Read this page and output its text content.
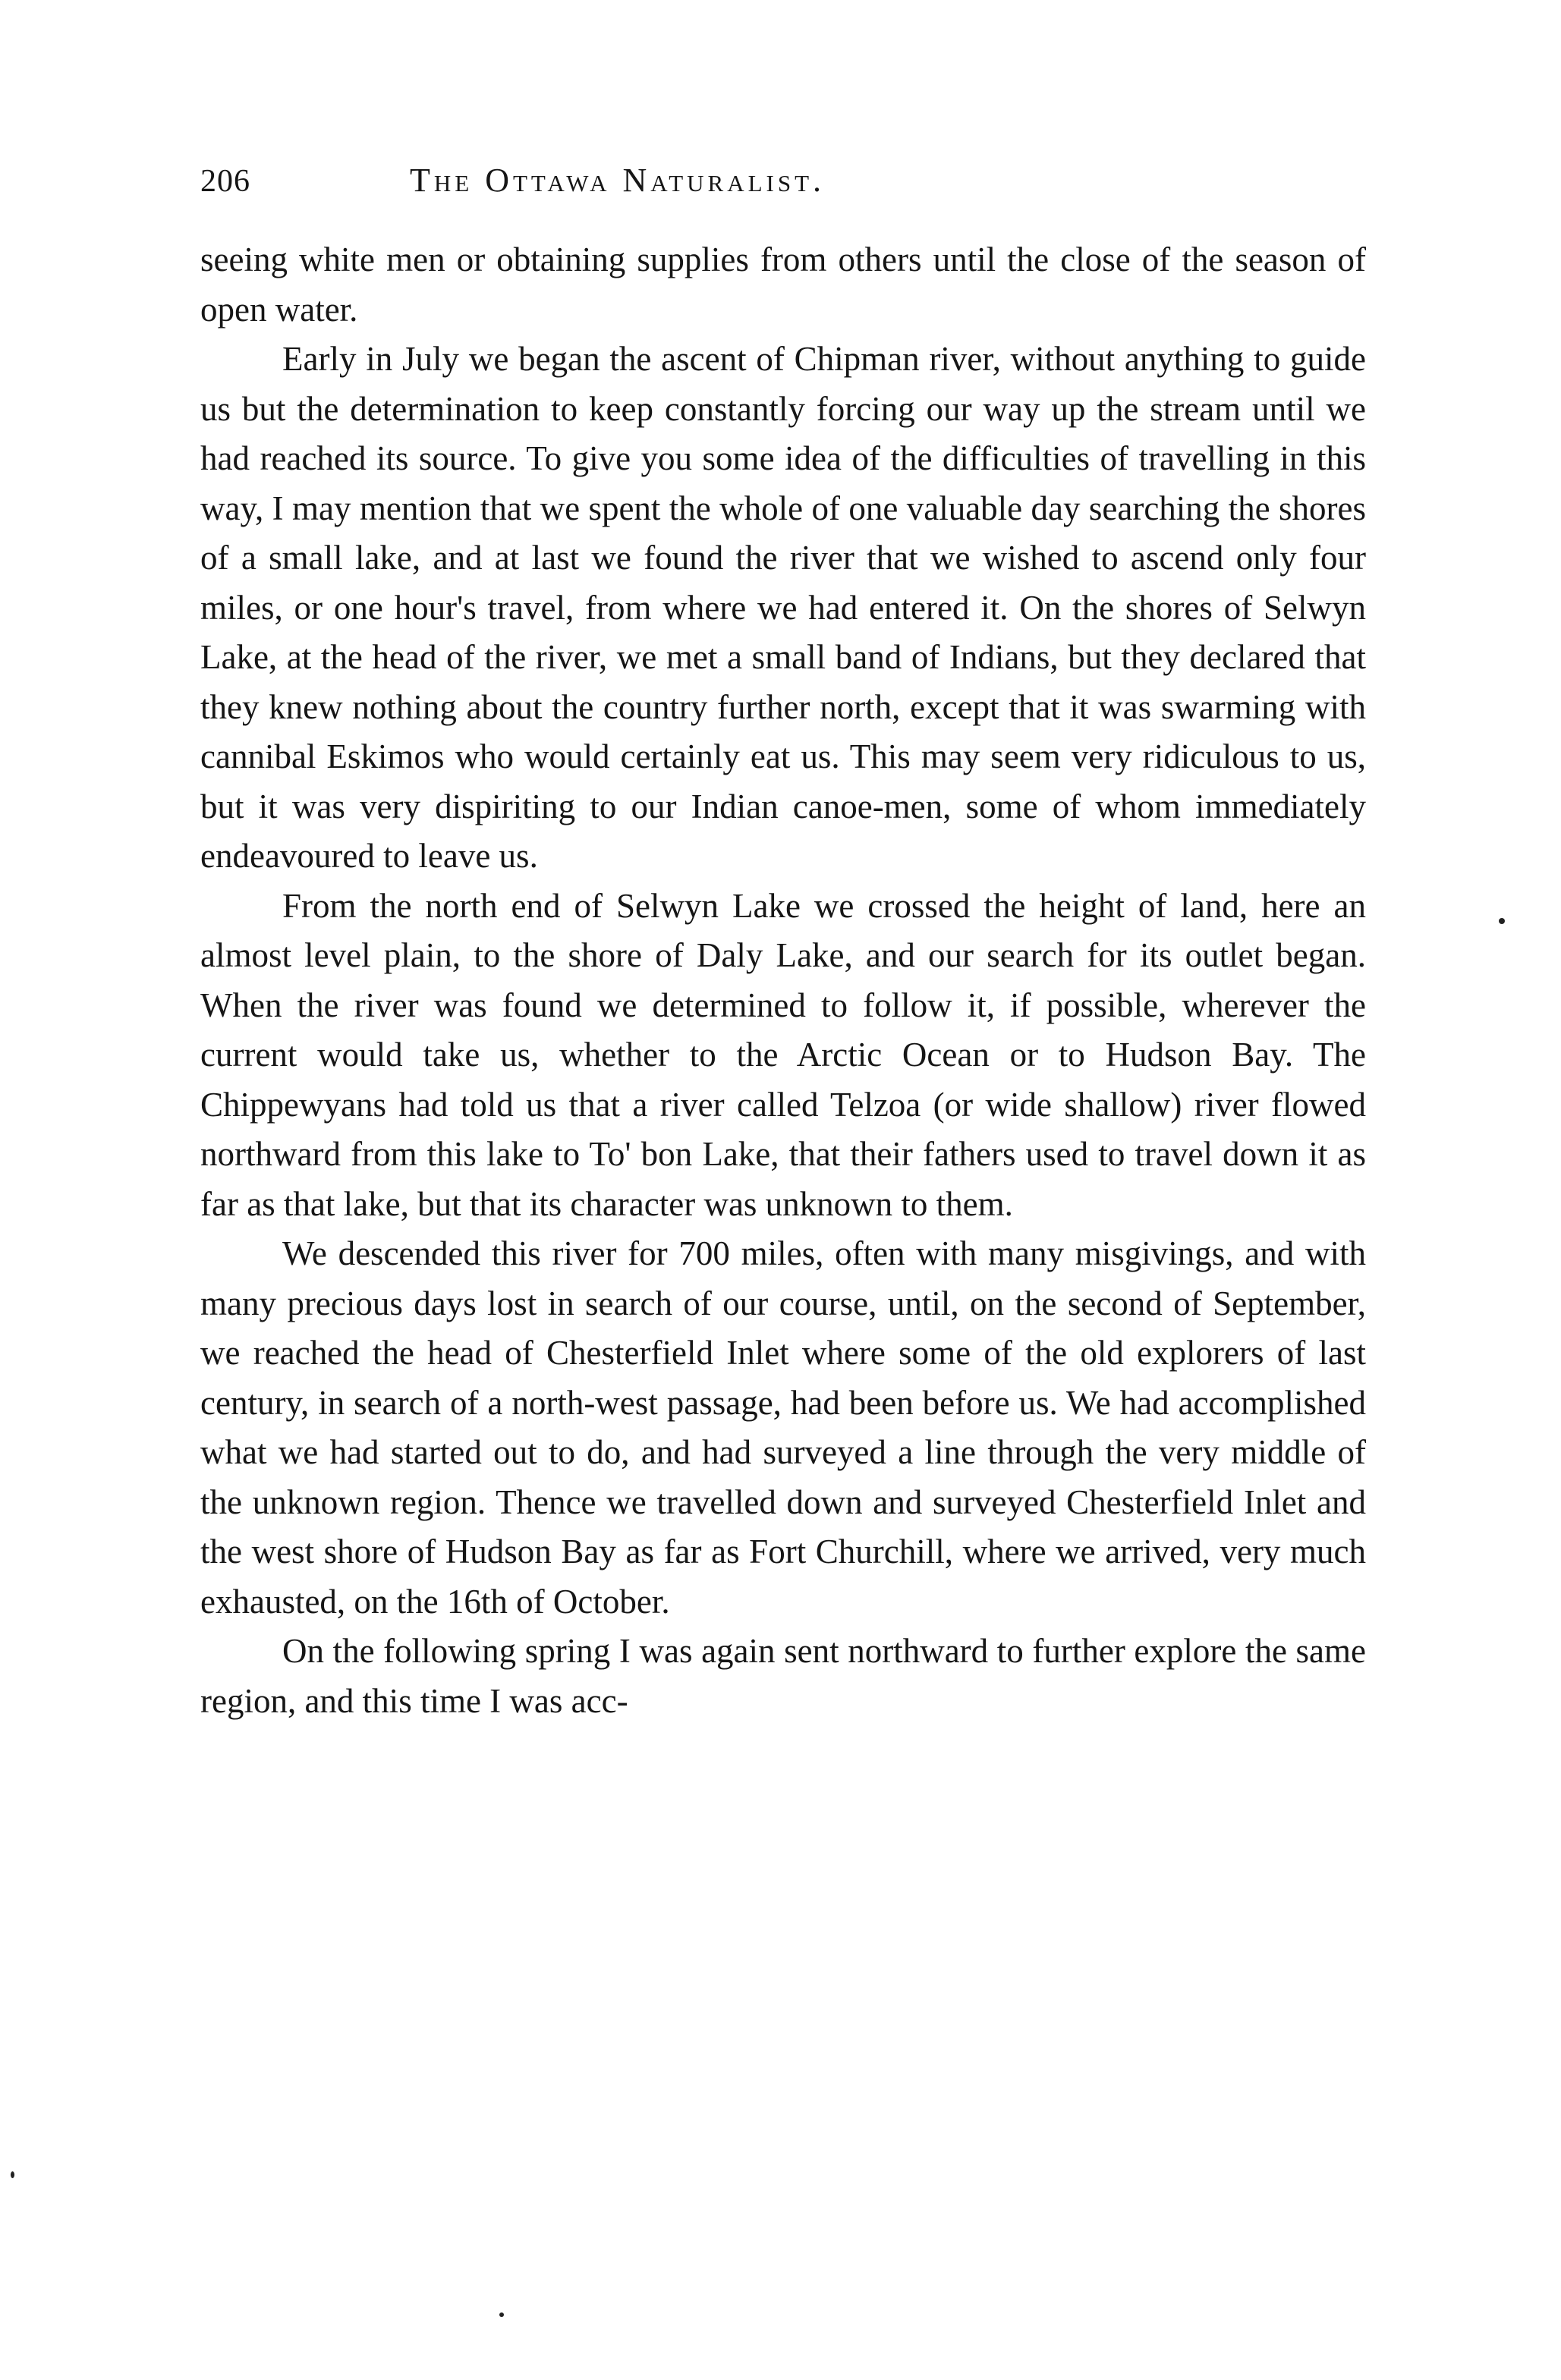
206	The Ottawa Naturalist.

seeing white men or obtaining supplies from others until the close of the season of open water.

Early in July we began the ascent of Chipman river, without anything to guide us but the determination to keep constantly forcing our way up the stream until we had reached its source. To give you some idea of the difficulties of travelling in this way, I may mention that we spent the whole of one valuable day searching the shores of a small lake, and at last we found the river that we wished to ascend only four miles, or one hour's travel, from where we had entered it. On the shores of Selwyn Lake, at the head of the river, we met a small band of Indians, but they declared that they knew nothing about the country further north, except that it was swarming with cannibal Eskimos who would certainly eat us. This may seem very ridiculous to us, but it was very dispiriting to our Indian canoe-men, some of whom immediately endeavoured to leave us.

From the north end of Selwyn Lake we crossed the height of land, here an almost level plain, to the shore of Daly Lake, and our search for its outlet began. When the river was found we determined to follow it, if possible, wherever the current would take us, whether to the Arctic Ocean or to Hudson Bay. The Chippewyans had told us that a river called Telzoa (or wide shallow) river flowed northward from this lake to To' bon Lake, that their fathers used to travel down it as far as that lake, but that its character was unknown to them.

We descended this river for 700 miles, often with many misgivings, and with many precious days lost in search of our course, until, on the second of September, we reached the head of Chesterfield Inlet where some of the old explorers of last century, in search of a north-west passage, had been before us. We had accomplished what we had started out to do, and had surveyed a line through the very middle of the unknown region. Thence we travelled down and surveyed Chesterfield Inlet and the west shore of Hudson Bay as far as Fort Churchill, where we arrived, very much exhausted, on the 16th of October.

On the following spring I was again sent northward to further explore the same region, and this time I was acc-
